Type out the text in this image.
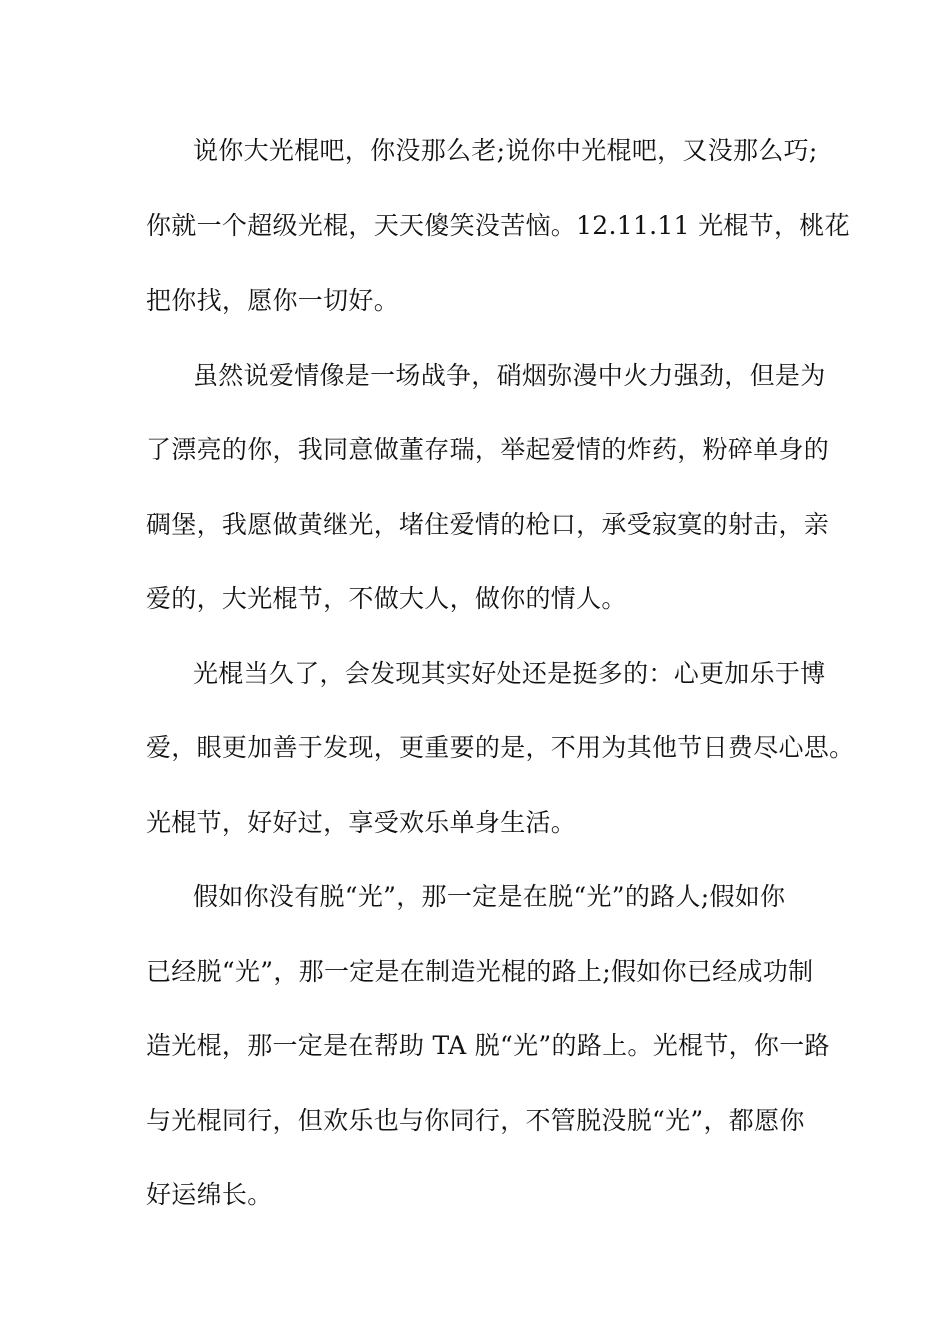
说你大光棍吧，你没那么老;说你中光棍吧，又没那么巧;
你就一个超级光棍，天天傻笑没苦恼。12.11.11 光棍节，桃花
把你找，愿你一切好。
虽然说爱情像是一场战争，硝烟弥漫中火力强劲，但是为
了漂亮的你，我同意做董存瑞，举起爱情的炸药，粉碎单身的
碉堡，我愿做黄继光，堵住爱情的枪口，承受寂寞的射击，亲
爱的，大光棍节，不做大人，做你的情人。
光棍当久了，会发现其实好处还是挺多的：心更加乐于博
爱，眼更加善于发现，更重要的是，不用为其他节日费尽心思。
光棍节，好好过，享受欢乐单身生活。
假如你没有脱“光”，那一定是在脱“光”的路人;假如你
已经脱“光”，那一定是在制造光棍的路上;假如你已经成功制
造光棍，那一定是在帮助 TA 脱“光”的路上。光棍节，你一路
与光棍同行，但欢乐也与你同行，不管脱没脱“光”，都愿你
好运绵长。
